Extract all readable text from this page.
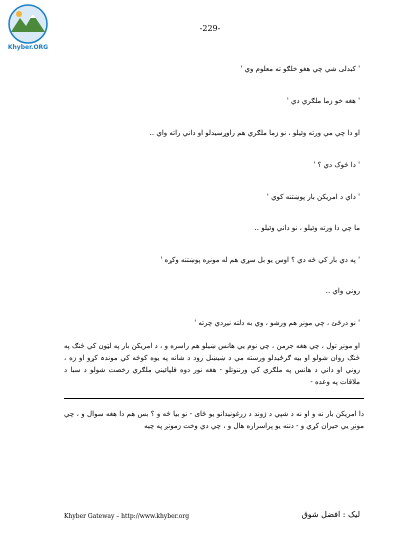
Khyber.ORG
-229-
' کبدلی شي چي هغو خلګو ته معلوم وي '
' هغه خو زما ملګري دي '
او دا چي مي ورته وئيلو ، نو زما ملګري هم راوړسيدلو او داني راته واي ..
' دا څوک دي ؟ '
' داي د امريکن بار پوښتنه کوي '
ما چي دا ورته وئيلو ، نو داني وئيلو ..
' په دي بار کي څه دي ؟ اوس يو بل سړي هم له مونږه پوښتنه وکړه '
روني واي ..
' نو درځئ ، چي مونږ هم ورشو ، وي به دلته نيږدي چرته '
او مونږ تول ، چي هغه جرمن ، چي نوم يي هانس ښيلو هم راسره و ، د امريکن بار په لټون کي څنګ په څنګ روان شولو او بيه ګرځيدلو ورسته مي د ښيښل رود د شانه په يوه کوڅه کي موندہ کړو او زه ، روني او داني د هانس په ملګري کي ورننوتلو - هغه نور دوه فلپائيني ملګري رخصت شولو د سبا د ملاقات په وعده -
دا امريکن بار نه و او نه د شپي د ژوند د زرغونيدانو يو ځای - نو بيا څه و ؟ بس هم دا هغه سوال و ، چي مونږ يي حيران کړي و - دننه يو پراسراره هال و ، چي دي وخت زمونږ په چيه
Khyber Gateway – http://www.khyber.org	ليک : افضل شوق
